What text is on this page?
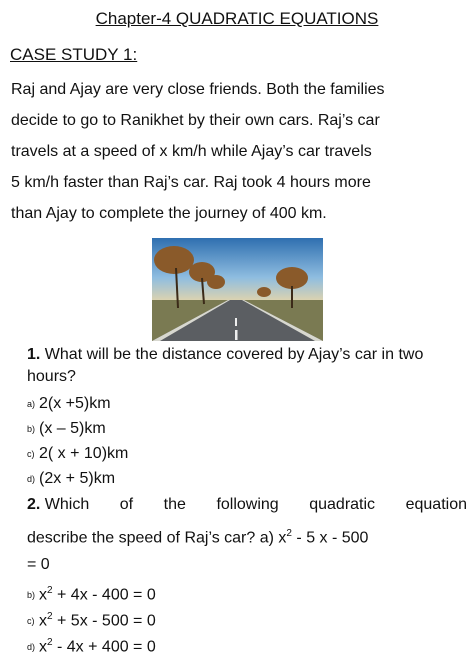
Chapter-4 QUADRATIC EQUATIONS
CASE STUDY 1:
Raj and Ajay are very close friends. Both the families
decide to go to Ranikhet by their own cars. Raj’s car
travels at a speed of x km/h while Ajay’s car travels
5 km/h faster than Raj’s car. Raj took 4 hours more
than Ajay to complete the journey of 400 km.
1. What will be the distance covered by Ajay’s car in two
hours?
a) 2(x +5)km
b) (x – 5)km
c) 2( x + 10)km
d) (2x + 5)km
2. Which of the following quadratic equation
describe the speed of Raj’s car? a) $x^2 - 5$ x - 500
= 0
b) $x^2 + 4x - 400 = 0$
c) $x^2 + 5x - 500 = 0$
d) $x^2 - 4x + 400 = 0$
